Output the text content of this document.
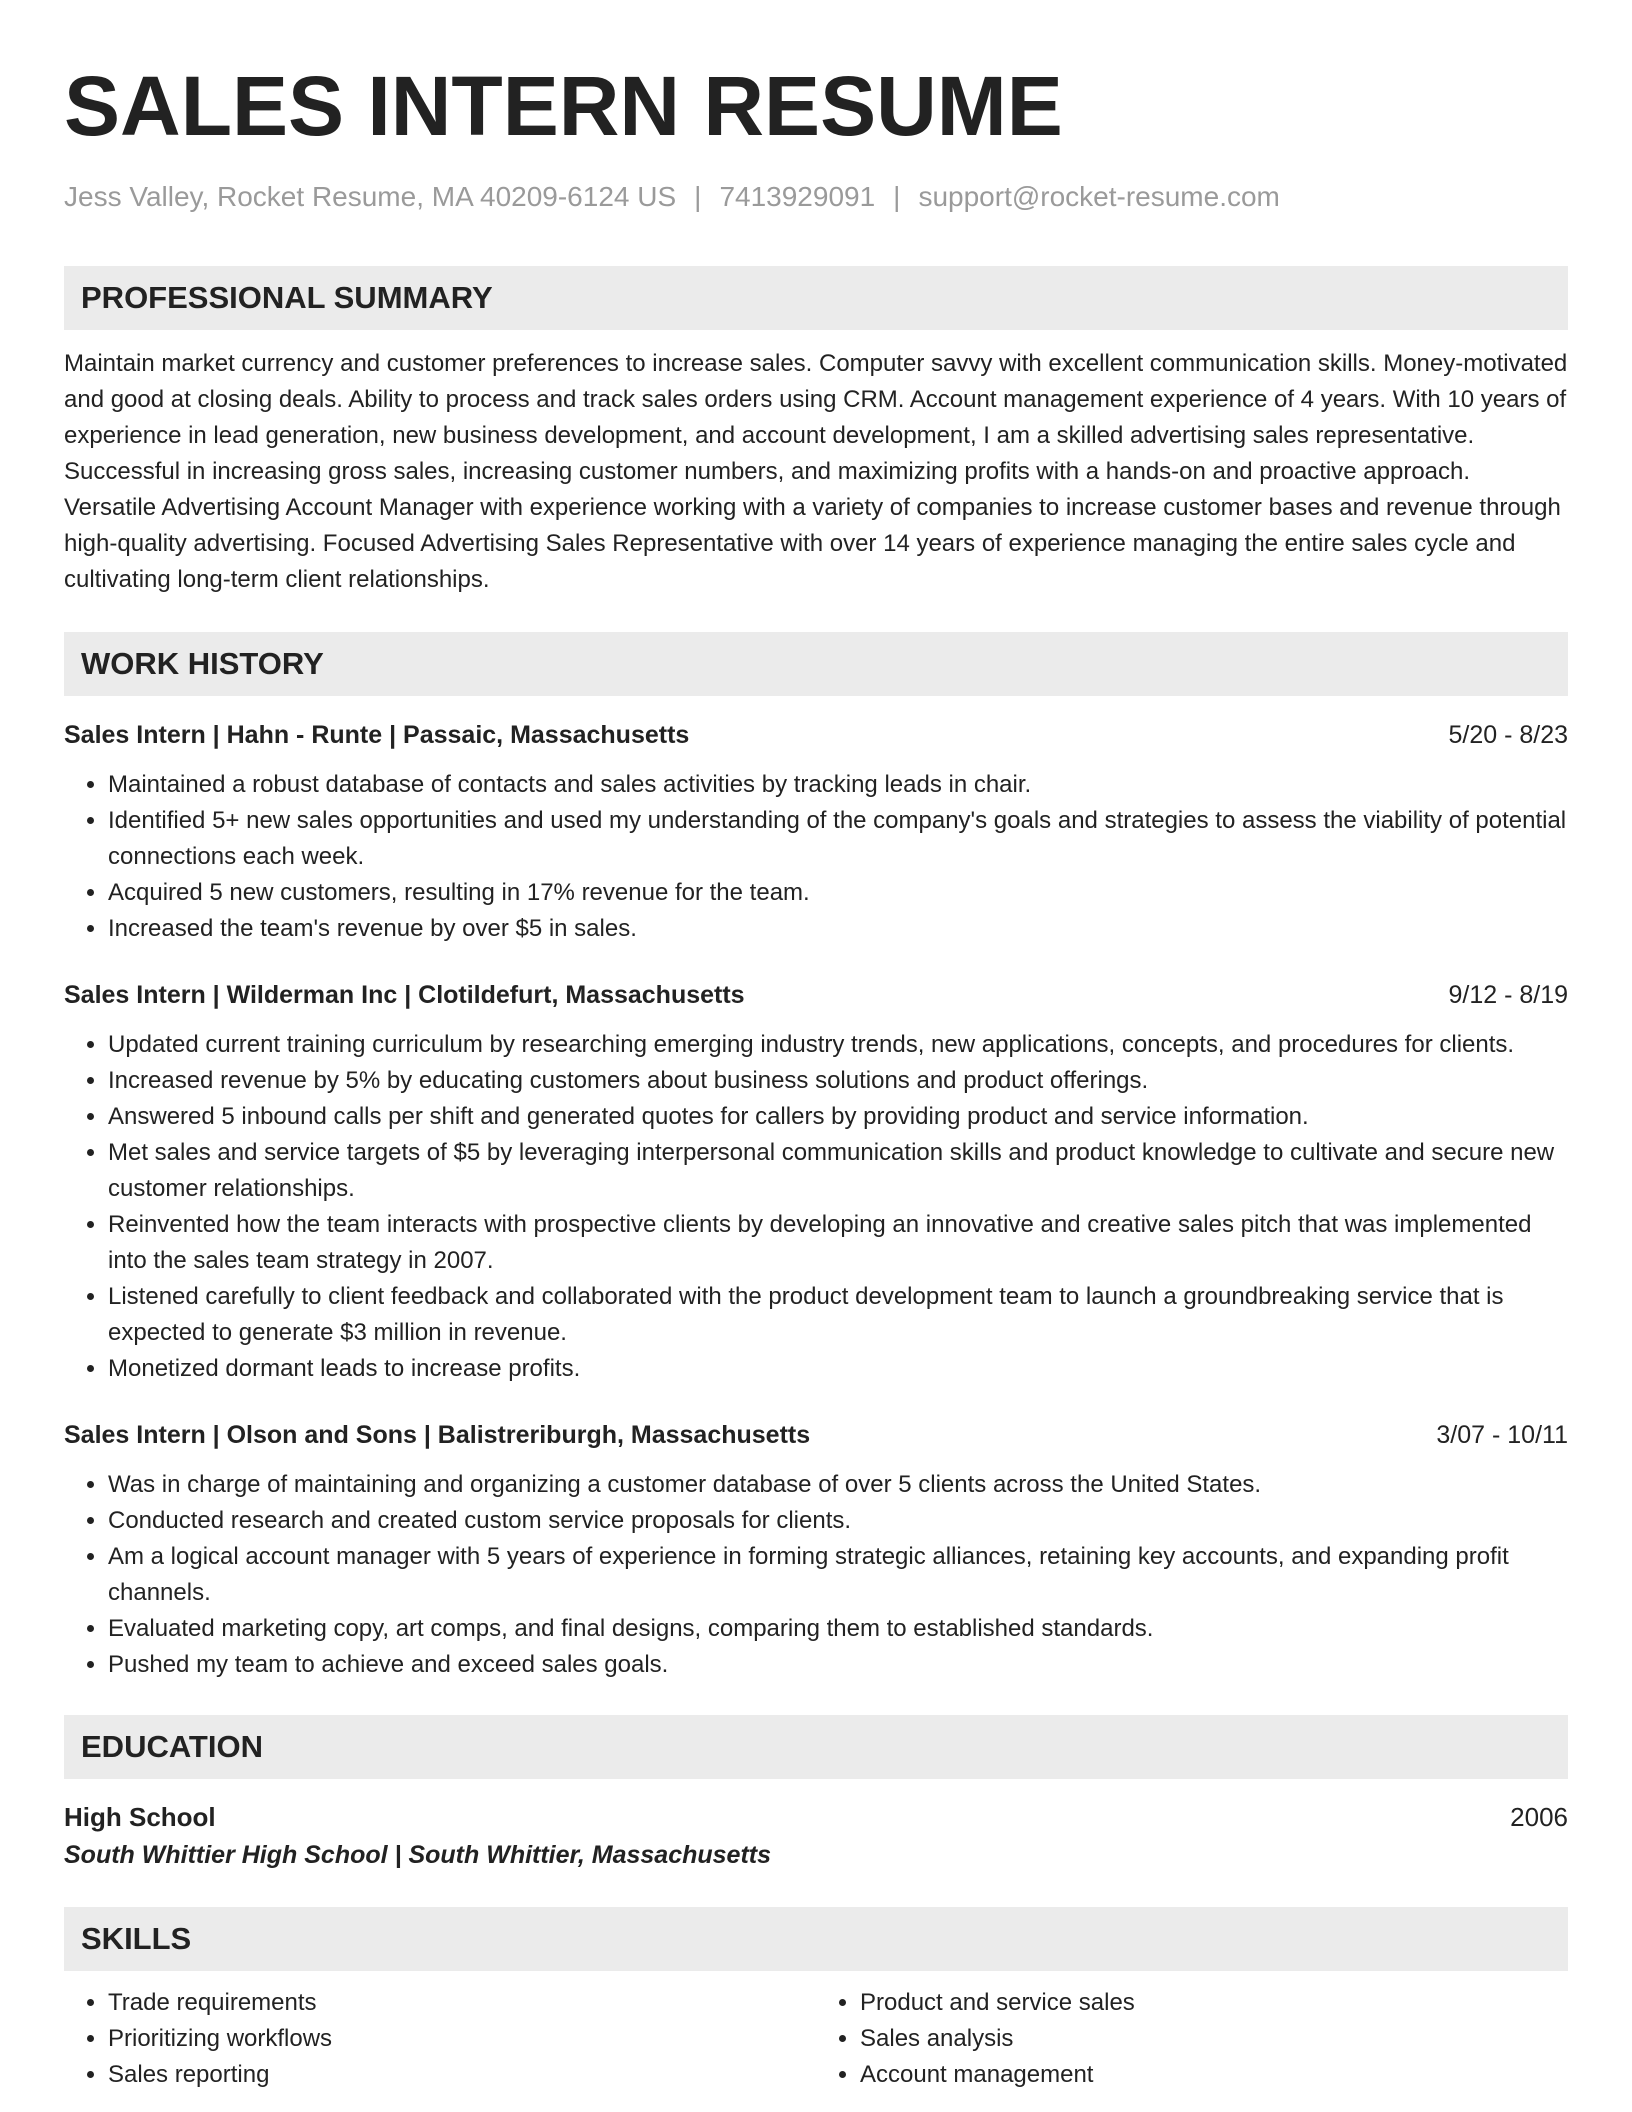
SALES INTERN RESUME
Jess Valley, Rocket Resume, MA 40209-6124 US | 7413929091 | support@rocket-resume.com
PROFESSIONAL SUMMARY
Maintain market currency and customer preferences to increase sales. Computer savvy with excellent communication skills. Money-motivated and good at closing deals. Ability to process and track sales orders using CRM. Account management experience of 4 years. With 10 years of experience in lead generation, new business development, and account development, I am a skilled advertising sales representative. Successful in increasing gross sales, increasing customer numbers, and maximizing profits with a hands-on and proactive approach. Versatile Advertising Account Manager with experience working with a variety of companies to increase customer bases and revenue through high-quality advertising. Focused Advertising Sales Representative with over 14 years of experience managing the entire sales cycle and cultivating long-term client relationships.
WORK HISTORY
Sales Intern | Hahn - Runte | Passaic, Massachusetts	5/20 - 8/23
• Maintained a robust database of contacts and sales activities by tracking leads in chair.
• Identified 5+ new sales opportunities and used my understanding of the company's goals and strategies to assess the viability of potential connections each week.
• Acquired 5 new customers, resulting in 17% revenue for the team.
• Increased the team's revenue by over $5 in sales.
Sales Intern | Wilderman Inc | Clotildefurt, Massachusetts	9/12 - 8/19
• Updated current training curriculum by researching emerging industry trends, new applications, concepts, and procedures for clients.
• Increased revenue by 5% by educating customers about business solutions and product offerings.
• Answered 5 inbound calls per shift and generated quotes for callers by providing product and service information.
• Met sales and service targets of $5 by leveraging interpersonal communication skills and product knowledge to cultivate and secure new customer relationships.
• Reinvented how the team interacts with prospective clients by developing an innovative and creative sales pitch that was implemented into the sales team strategy in 2007.
• Listened carefully to client feedback and collaborated with the product development team to launch a groundbreaking service that is expected to generate $3 million in revenue.
• Monetized dormant leads to increase profits.
Sales Intern | Olson and Sons | Balistreriburgh, Massachusetts	3/07 - 10/11
• Was in charge of maintaining and organizing a customer database of over 5 clients across the United States.
• Conducted research and created custom service proposals for clients.
• Am a logical account manager with 5 years of experience in forming strategic alliances, retaining key accounts, and expanding profit channels.
• Evaluated marketing copy, art comps, and final designs, comparing them to established standards.
• Pushed my team to achieve and exceed sales goals.
EDUCATION
High School	2006
South Whittier High School | South Whittier, Massachusetts
SKILLS
• Trade requirements
• Prioritizing workflows
• Sales reporting
• Product and service sales
• Sales analysis
• Account management
